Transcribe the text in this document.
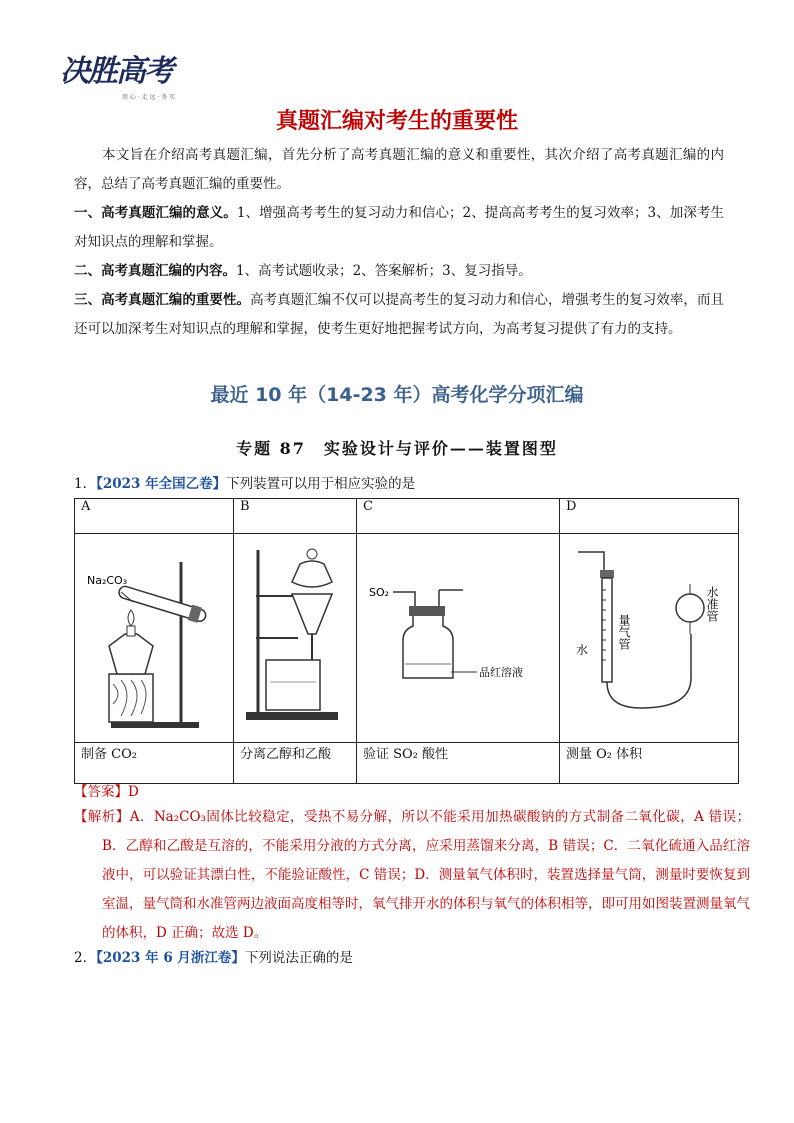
决胜高考
用 心 · 走 远 · 务 实
真题汇编对考生的重要性
本文旨在介绍高考真题汇编，首先分析了高考真题汇编的意义和重要性，其次介绍了高考真题汇编的内容，总结了高考真题汇编的重要性。
一、高考真题汇编的意义。1、增强高考考生的复习动力和信心；2、提高高考考生的复习效率；3、加深考生对知识点的理解和掌握。
二、高考真题汇编的内容。1、高考试题收录；2、答案解析；3、复习指导。
三、高考真题汇编的重要性。高考真题汇编不仅可以提高考生的复习动力和信心，增强考生的复习效率，而且还可以加深考生对知识点的理解和掌握，使考生更好地把握考试方向，为高考复习提供了有力的支持。
最近 10 年（14-23 年）高考化学分项汇编
专题 87　实验设计与评价——装置图型
1．【2023 年全国乙卷】下列装置可以用于相应实验的是
A	B	C	D

Na₂CO₃		SO₂
品红溶液	水 量气管
水准管

制备 CO₂	分离乙醇和乙酸	验证 SO₂ 酸性	测量 O₂ 体积
【答案】D
【解析】A．Na₂CO₃固体比较稳定，受热不易分解，所以不能采用加热碳酸钠的方式制备二氧化碳，A 错误；B．乙醇和乙酸是互溶的，不能采用分液的方式分离，应采用蒸馏来分离，B 错误；C．二氧化硫通入品红溶液中，可以验证其漂白性，不能验证酸性，C 错误；D．测量氧气体积时，装置选择量气筒，测量时要恢复到室温，量气筒和水准管两边液面高度相等时，氧气排开水的体积与氧气的体积相等，即可用如图装置测量氧气的体积，D 正确；故选 D。
2．【2023 年 6 月浙江卷】下列说法正确的是
